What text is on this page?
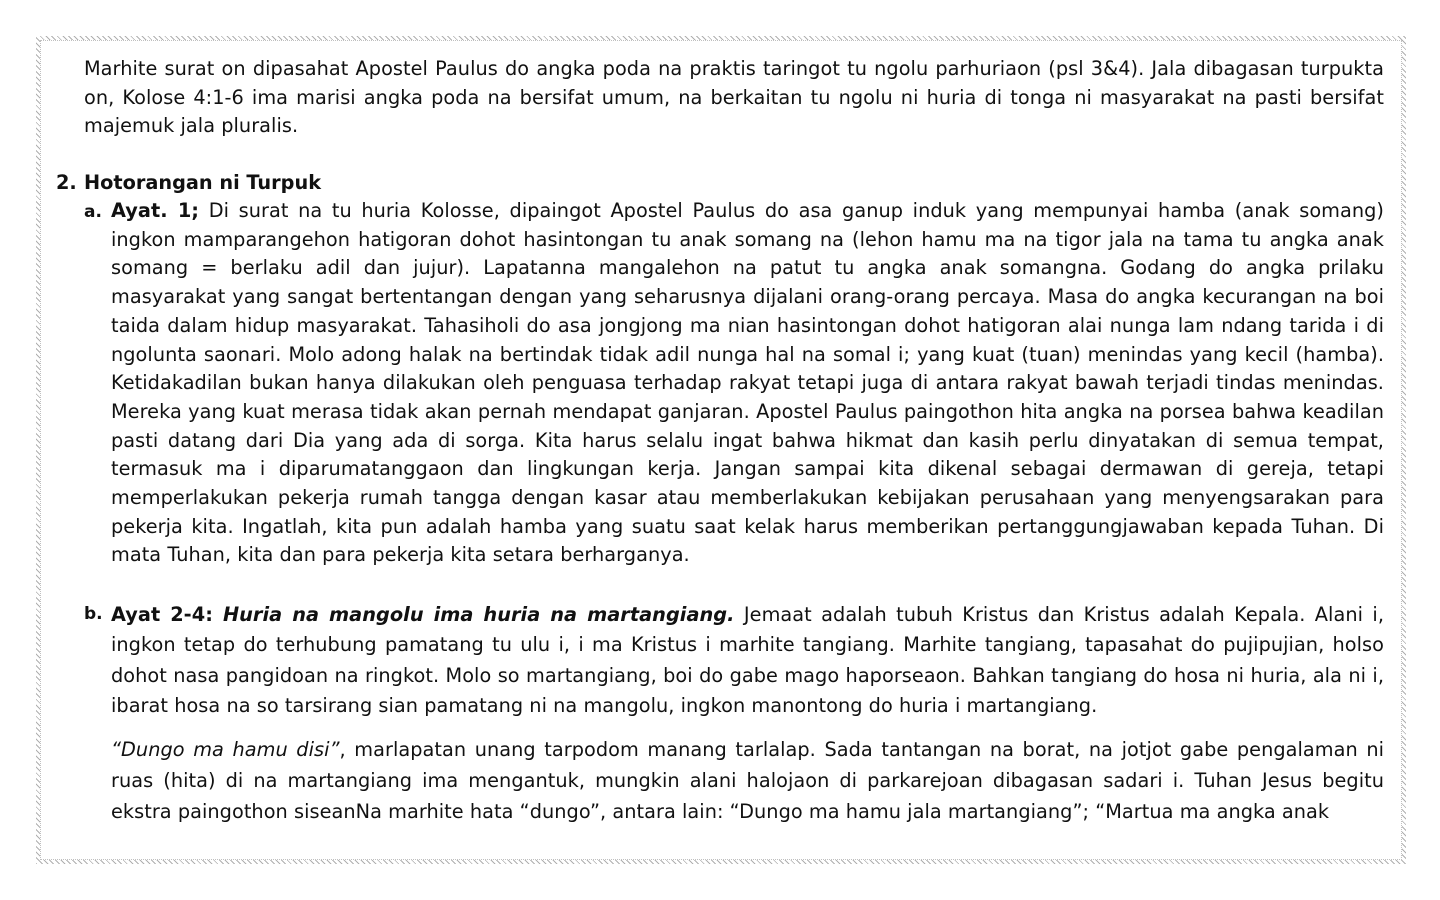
Marhite surat on dipasahat Apostel Paulus do angka poda na praktis taringot tu ngolu parhuriaon (psl 3&4). Jala dibagasan turpukta on, Kolose 4:1-6 ima marisi angka poda na bersifat umum, na berkaitan tu ngolu ni huria di tonga ni masyarakat na pasti bersifat majemuk jala pluralis.

2. Hotorangan ni Turpuk
a. Ayat. 1; Di surat na tu huria Kolosse, dipaingot Apostel Paulus do asa ganup induk yang mempunyai hamba (anak somang) ingkon mamparangehon hatigoran dohot hasintongan tu anak somang na (lehon hamu ma na tigor jala na tama tu angka anak somang = berlaku adil dan jujur). Lapatanna mangalehon na patut tu angka anak somangna. Godang do angka prilaku masyarakat yang sangat bertentangan dengan yang seharusnya dijalani orang-orang percaya. Masa do angka kecurangan na boi taida dalam hidup masyarakat. Tahasiholi do asa jongjong ma nian hasintongan dohot hatigoran alai nunga lam ndang tarida i di ngolunta saonari. Molo adong halak na bertindak tidak adil nunga hal na somal i; yang kuat (tuan) menindas yang kecil (hamba). Ketidakadilan bukan hanya dilakukan oleh penguasa terhadap rakyat tetapi juga di antara rakyat bawah terjadi tindas menindas. Mereka yang kuat merasa tidak akan pernah mendapat ganjaran. Apostel Paulus paingothon hita angka na porsea bahwa keadilan pasti datang dari Dia yang ada di sorga. Kita harus selalu ingat bahwa hikmat dan kasih perlu dinyatakan di semua tempat, termasuk ma i diparumatanggaon dan lingkungan kerja. Jangan sampai kita dikenal sebagai dermawan di gereja, tetapi memperlakukan pekerja rumah tangga dengan kasar atau memberlakukan kebijakan perusahaan yang menyengsarakan para pekerja kita. Ingatlah, kita pun adalah hamba yang suatu saat kelak harus memberikan pertanggungjawaban kepada Tuhan. Di mata Tuhan, kita dan para pekerja kita setara berharganya.

b. Ayat 2-4: Huria na mangolu ima huria na martangiang. Jemaat adalah tubuh Kristus dan Kristus adalah Kepala. Alani i, ingkon tetap do terhubung pamatang tu ulu i, i ma Kristus i marhite tangiang. Marhite tangiang, tapasahat do pujipujian, holso dohot nasa pangidoan na ringkot. Molo so martangiang, boi do gabe mago haporseaon. Bahkan tangiang do hosa ni huria, ala ni i, ibarat hosa na so tarsirang sian pamatang ni na mangolu, ingkon manontong do huria i martangiang.

“Dungo ma hamu disi”, marlapatan unang tarpodom manang tarlalap. Sada tantangan na borat, na jotjot gabe pengalaman ni ruas (hita) di na martangiang ima mengantuk, mungkin alani halojaon di parkarejoan dibagasan sadari i. Tuhan Jesus begitu ekstra paingothon siseanNa marhite hata “dungo”, antara lain: “Dungo ma hamu jala martangiang”; “Martua ma angka anak
